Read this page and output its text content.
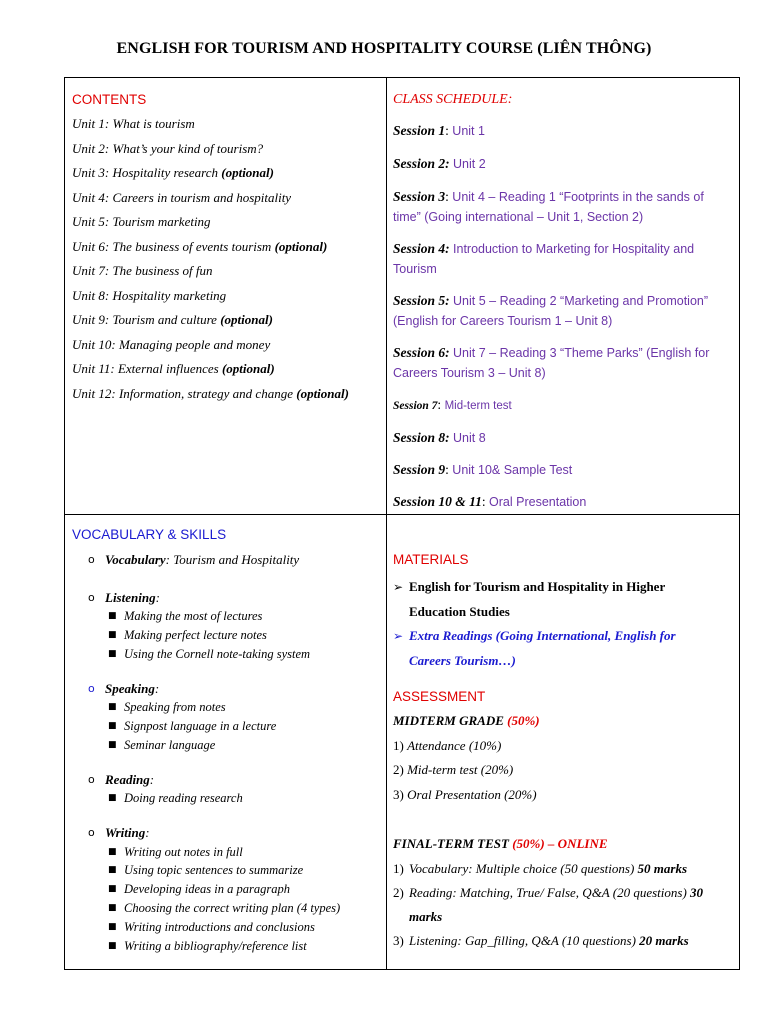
ENGLISH FOR TOURISM AND HOSPITALITY COURSE (LIÊN THÔNG)
CONTENTS
Unit 1: What is tourism
Unit 2: What’s your kind of tourism?
Unit 3: Hospitality research (optional)
Unit 4: Careers in tourism and hospitality
Unit 5: Tourism marketing
Unit 6: The business of events tourism (optional)
Unit 7: The business of fun
Unit 8: Hospitality marketing
Unit 9: Tourism and culture (optional)
Unit 10: Managing people and money
Unit 11: External influences (optional)
Unit 12: Information, strategy and change (optional)
CLASS SCHEDULE:
Session 1: Unit 1
Session 2: Unit 2
Session 3: Unit 4 – Reading 1 “Footprints in the sands of time” (Going international – Unit 1, Section 2)
Session 4: Introduction to Marketing for Hospitality and Tourism
Session 5: Unit 5 – Reading 2 “Marketing and Promotion” (English for Careers Tourism 1 – Unit 8)
Session 6: Unit 7 – Reading 3 “Theme Parks” (English for Careers Tourism 3 – Unit 8)
Session 7: Mid-term test
Session 8: Unit 8
Session 9: Unit 10& Sample Test
Session 10 & 11: Oral Presentation
VOCABULARY & SKILLS
o Vocabulary: Tourism and Hospitality
o Listening:
■ Making the most of lectures
■ Making perfect lecture notes
■ Using the Cornell note-taking system
o Speaking:
■ Speaking from notes
■ Signpost language in a lecture
■ Seminar language
o Reading:
■ Doing reading research
o Writing:
■ Writing out notes in full
■ Using topic sentences to summarize
■ Developing ideas in a paragraph
■ Choosing the correct writing plan (4 types)
■ Writing introductions and conclusions
■ Writing a bibliography/reference list
MATERIALS
➢ English for Tourism and Hospitality in Higher
Education Studies
➢ Extra Readings (Going International, English for
Careers Tourism…)
ASSESSMENT
MIDTERM GRADE (50%)
1) Attendance (10%)
2) Mid-term test (20%)
3) Oral Presentation (20%)
FINAL-TERM TEST (50%) – ONLINE
1) Vocabulary: Multiple choice (50 questions) 50 marks
2) Reading: Matching, True/ False, Q&A (20 questions) 30 marks
3) Listening: Gap_filling, Q&A (10 questions) 20 marks
